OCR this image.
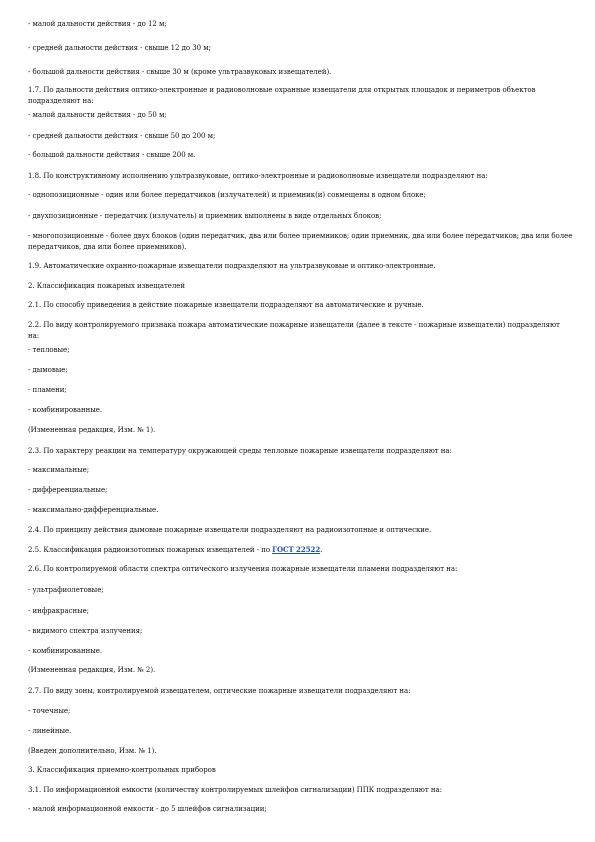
- малой дальности действия - до 12 м;

- средней дальности действия - свыше 12 до 30 м;

- большой дальности действия - свыше 30 м (кроме ультразвуковых извещателей).

1.7. По дальности действия оптико-электронные и радиоволновые охранные извещатели для открытых площадок и периметров объектов подразделяют на:

- малой дальности действия - до 50 м;

- средней дальности действия - свыше 50 до 200 м;

- большой дальности действия - свыше 200 м.

1.8. По конструктивному исполнению ультразвуковые, оптико-электронные и радиоволновые извещатели подразделяют на:

- однопозиционные - один или более передатчиков (излучателей) и приемник(и) совмещены в одном блоке;

- двухпозиционные - передатчик (излучатель) и приемник выполнены в виде отдельных блоков;

- многопозиционные - более двух блоков (один передатчик, два или более приемников; один приемник, два или более передатчиков; два или более передатчиков, два или более приемников).

1.9. Автоматические охранно-пожарные извещатели подразделяют на ультразвуковые и оптико-электронные.

2. Классификация пожарных извещателей

2.1. По способу приведения в действие пожарные извещатели подразделяют на автоматические и ручные.

2.2. По виду контролируемого признака пожара автоматические пожарные извещатели (далее в тексте - пожарные извещатели) подразделяют на:

- тепловые;

- дымовые;

- пламени;

- комбинированные.

(Измененная редакция, Изм. № 1).

2.3. По характеру реакции на температуру окружающей среды тепловые пожарные извещатели подразделяют на:

- максимальные;

- дифференциальные;

- максимально-дифференциальные.

2.4. По принципу действия дымовые пожарные извещатели подразделяют на радиоизотопные и оптические.

2.5. Классификация радиоизотопных пожарных извещателей - по ГОСТ 22522.

2.6. По контролируемой области спектра оптического излучения пожарные извещатели пламени подразделяют на:

- ультрафиолетовые;

- инфракрасные;

- видимого спектра излучения;

- комбинированные.

(Измененная редакция, Изм. № 2).

2.7. По виду зоны, контролируемой извещателем, оптические пожарные извещатели подразделяют на:

- точечные;

- линейные.

(Введен дополнительно, Изм. № 1).

3. Классификация приемно-контрольных приборов

3.1. По информационной емкости (количеству контролируемых шлейфов сигнализации) ППК подразделяют на:

- малой информационной емкости - до 5 шлейфов сигнализации;
